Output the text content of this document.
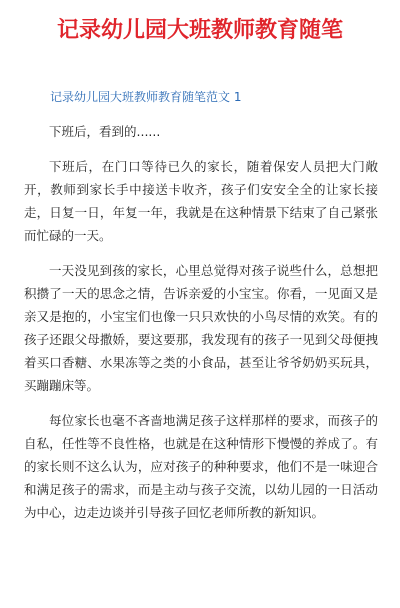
记录幼儿园大班教师教育随笔
记录幼儿园大班教师教育随笔范文 1

下班后，看到的......

下班后，在门口等待已久的家长，随着保安人员把大门敞开，教师到家长手中接送卡收齐，孩子们安安全全的让家长接走，日复一日，年复一年，我就是在这种情景下结束了自己紧张而忙碌的一天。

一天没见到孩的家长，心里总觉得对孩子说些什么，总想把积攒了一天的思念之情，告诉亲爱的小宝宝。你看，一见面又是亲又是抱的，小宝宝们也像一只只欢快的小鸟尽情的欢笑。有的孩子还跟父母撒娇，要这要那，我发现有的孩子一见到父母便拽着买口香糖、水果冻等之类的小食品，甚至让爷爷奶奶买玩具，买蹦蹦床等。

每位家长也毫不吝啬地满足孩子这样那样的要求，而孩子的自私，任性等不良性格，也就是在这种情形下慢慢的养成了。有的家长则不这么认为，应对孩子的种种要求，他们不是一味迎合和满足孩子的需求，而是主动与孩子交流，以幼儿园的一日活动为中心，边走边谈并引导孩子回忆老师所教的新知识。
